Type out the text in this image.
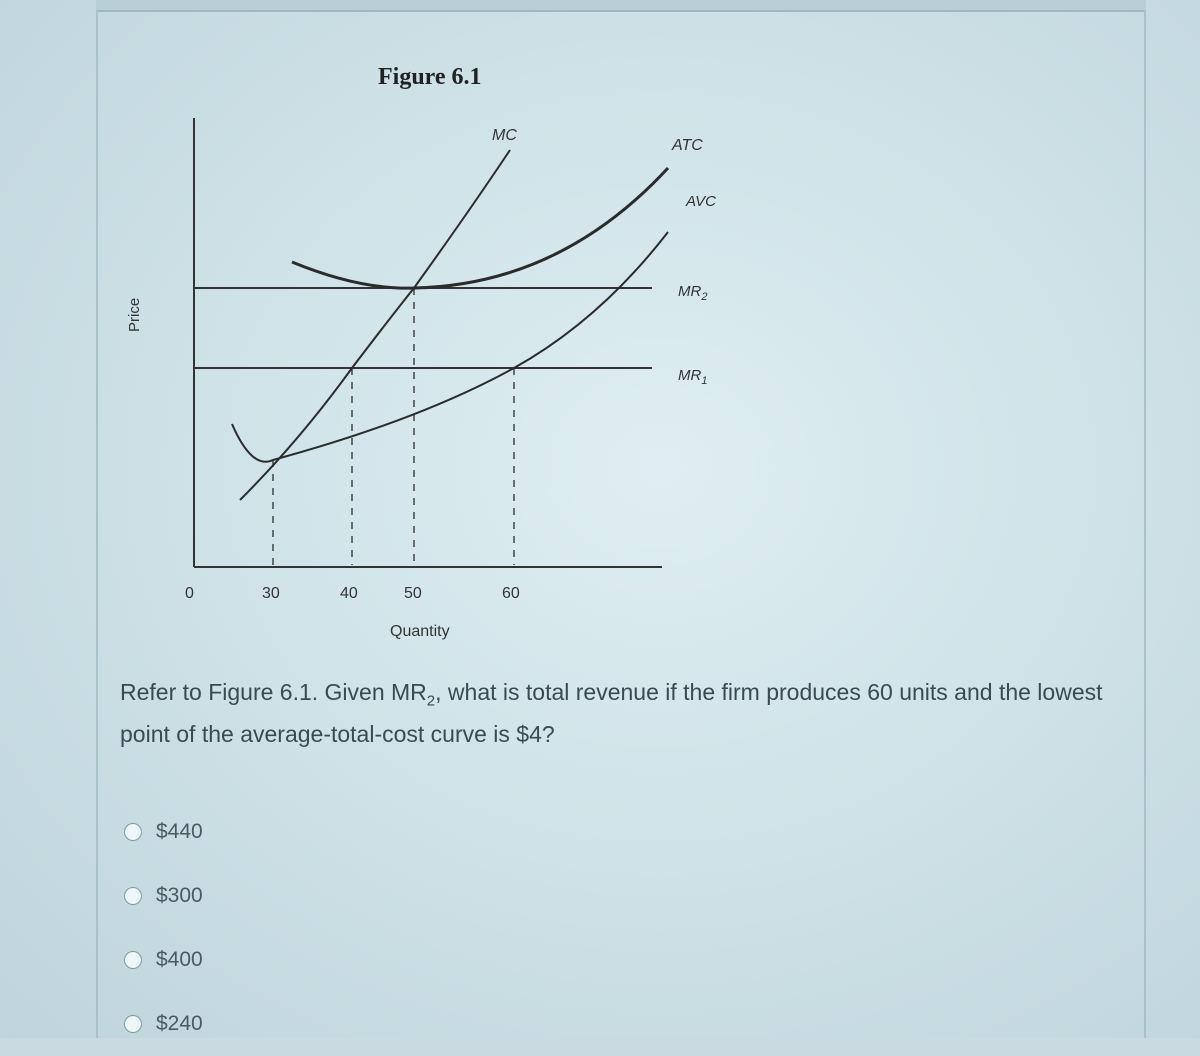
Figure 6.1
Price
MC
ATC
AVC
$MR_2$
$MR_1$
0	30	40	50	60
Quantity
Refer to Figure 6.1. Given $MR_2$, what is total revenue if the firm produces 60 units and the lowest point of the average-total-cost curve is $4?
$440
$300
$400
$240
